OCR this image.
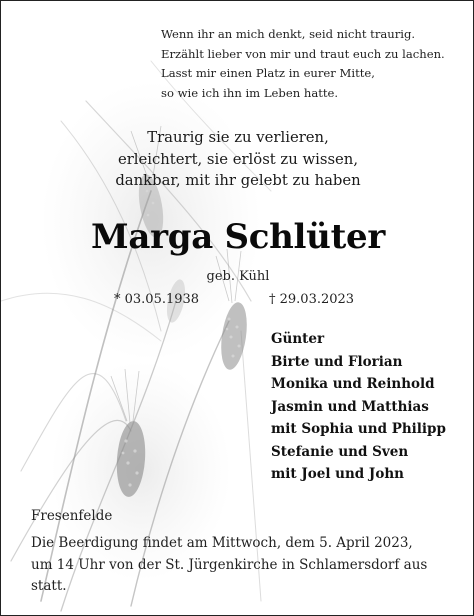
Wenn ihr an mich denkt, seid nicht traurig.
Erzählt lieber von mir und traut euch zu lachen.
Lasst mir einen Platz in eurer Mitte,
so wie ich ihn im Leben hatte.
Traurig sie zu verlieren,
erleichtert, sie erlöst zu wissen,
dankbar, mit ihr gelebt zu haben
Marga Schlüter
geb. Kühl
* 03.05.1938	† 29.03.2023
Günter
Birte und Florian
Monika und Reinhold
Jasmin und Matthias
mit Sophia und Philipp
Stefanie und Sven
mit Joel und John
Fresenfelde
Die Beerdigung findet am Mittwoch, dem 5. April 2023,
um 14 Uhr von der St. Jürgenkirche in Schlamersdorf aus
statt.
